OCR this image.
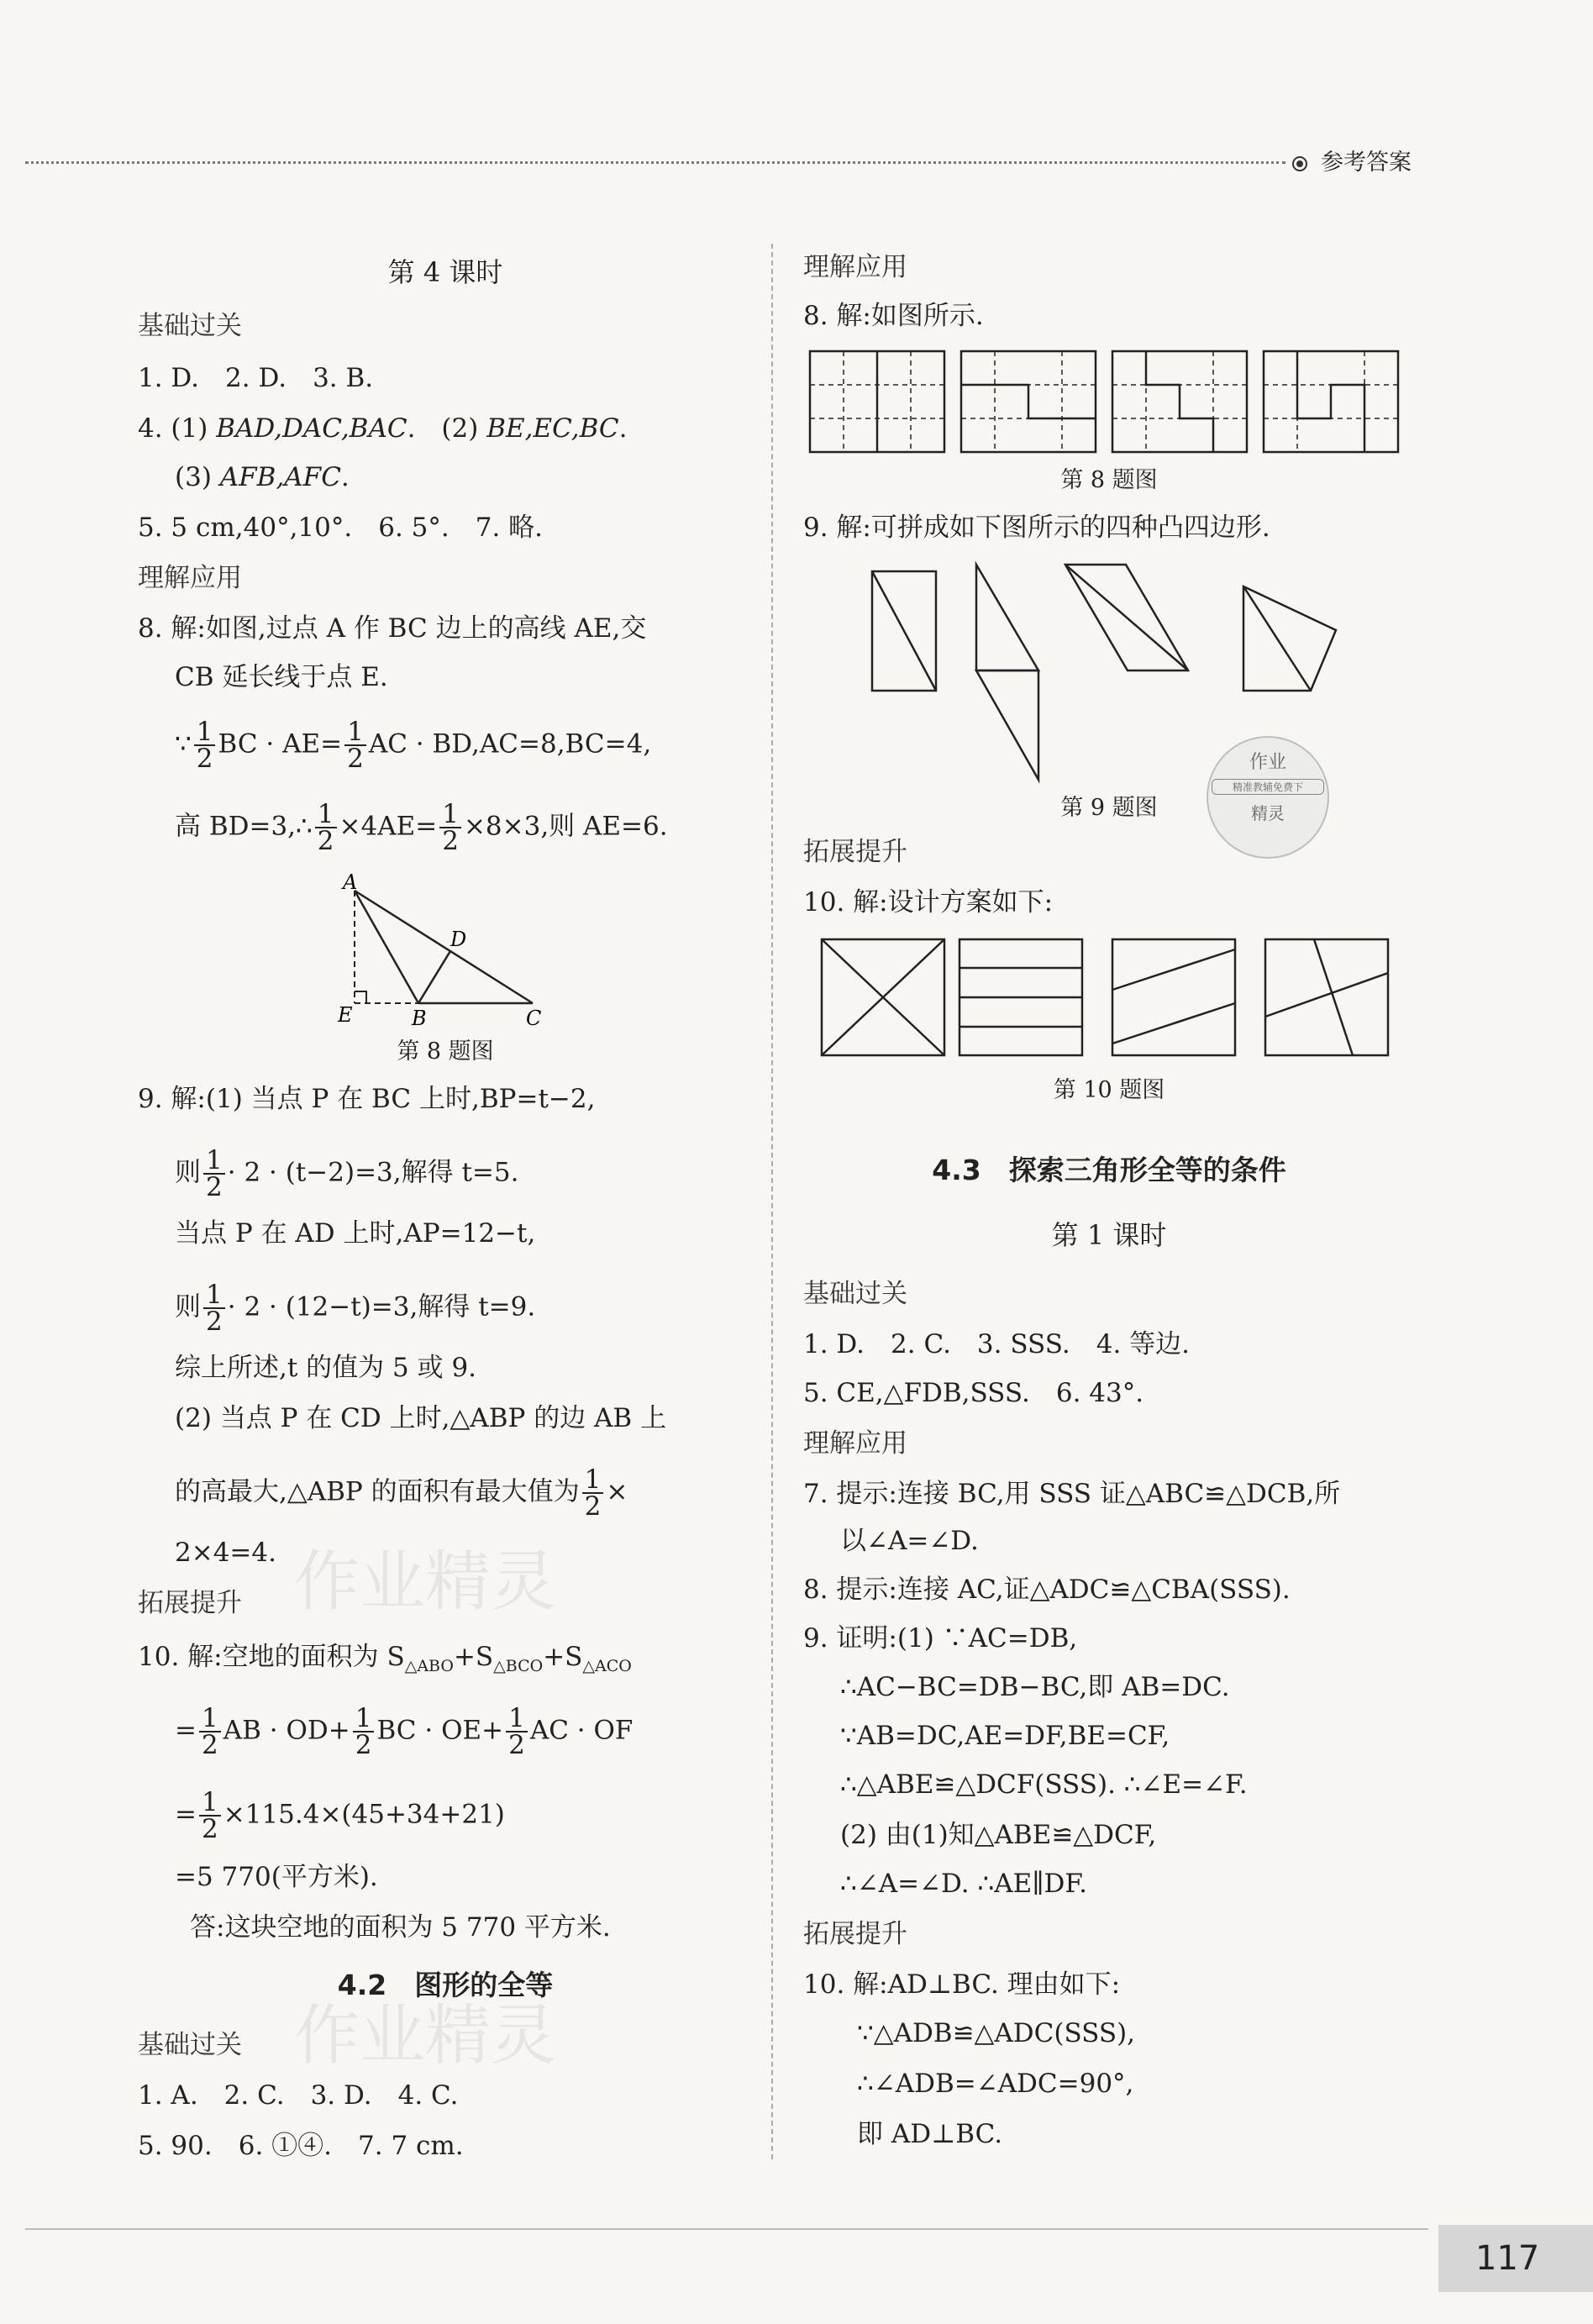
参考答案
第 4 课时
基础过关
1. D.　2. D.　3. B.
4. (1) BAD,DAC,BAC.　(2) BE,EC,BC.
(3) AFB,AFC.
5. 5 cm,40°,10°.　6. 5°.　7. 略.
理解应用
8. 解:如图,过点 A 作 BC 边上的高线 AE,交
CB 延长线于点 E.
∵ $\frac{1}{2}$ BC · $AE= \frac{1}{2}$ AC · BD,AC=8,BC=4,
高 BD=3,∴ $\frac{1}{2} \times 4AE= \frac{1}{2} \times 8\times 3$,则 AE=6.
A
D
E	B	C
第 8 题图
9. 解:(1) 当点 P 在 BC 上时,BP=t−2,
则 $\frac{1}{2} \cdot 2 \cdot (t-2)=3$,解得 t=5.
当点 P 在 AD 上时,AP=12−t,
则 $\frac{1}{2} \cdot 2 \cdot (12-t)=3$,解得 t=9.
综上所述,t 的值为 5 或 9.
(2) 当点 P 在 CD 上时,△ABP 的边 AB 上
的高最大,△ABP 的面积有最大值为 $\frac{1}{2}$ ×
2×4=4. 作业精灵
拓展提升
10. 解:空地的面积为 $S_{\triangle ABO}+S_{\triangle BCO}+S_{\triangle ACO}$
= $\frac{1}{2}$ AB · $OD+ \frac{1}{2}$ BC · $OE+ \frac{1}{2}$ AC · OF
= $\frac{1}{2} \times 115.4\times(45+34+21)$
=5 770(平方米).
答:这块空地的面积为 5 770 平方米.
4.2　图形的全等
基础过关 作业精灵
1. A.　2. C.　3. D.　4. C.
5. 90.　6. ①④.　7. 7 cm.
理解应用
8. 解:如图所示.
第 8 题图
9. 解:可拼成如下图所示的四种凸四边形.
作业
精准教辅免费下
精灵
第 9 题图
拓展提升
10. 解:设计方案如下:
第 10 题图
4.3　探索三角形全等的条件
第 1 课时
基础过关
1. D.　2. C.　3. SSS.　4. 等边.
5. CE,△FDB,SSS.　6. 43°.
理解应用
7. 提示:连接 BC,用 SSS 证△ABC≌△DCB,所
以∠A=∠D.
8. 提示:连接 AC,证△ADC≌△CBA(SSS).
9. 证明:(1) ∵AC=DB,
∴AC−BC=DB−BC,即 AB=DC.
∵AB=DC,AE=DF,BE=CF,
∴△ABE≌△DCF(SSS). ∴∠E=∠F.
(2) 由(1)知△ABE≌△DCF,
∴∠A=∠D. ∴AE∥DF.
拓展提升
10. 解:AD⊥BC. 理由如下:
∵△ADB≌△ADC(SSS),
∴∠ADB=∠ADC=90°,
即 AD⊥BC.
117
